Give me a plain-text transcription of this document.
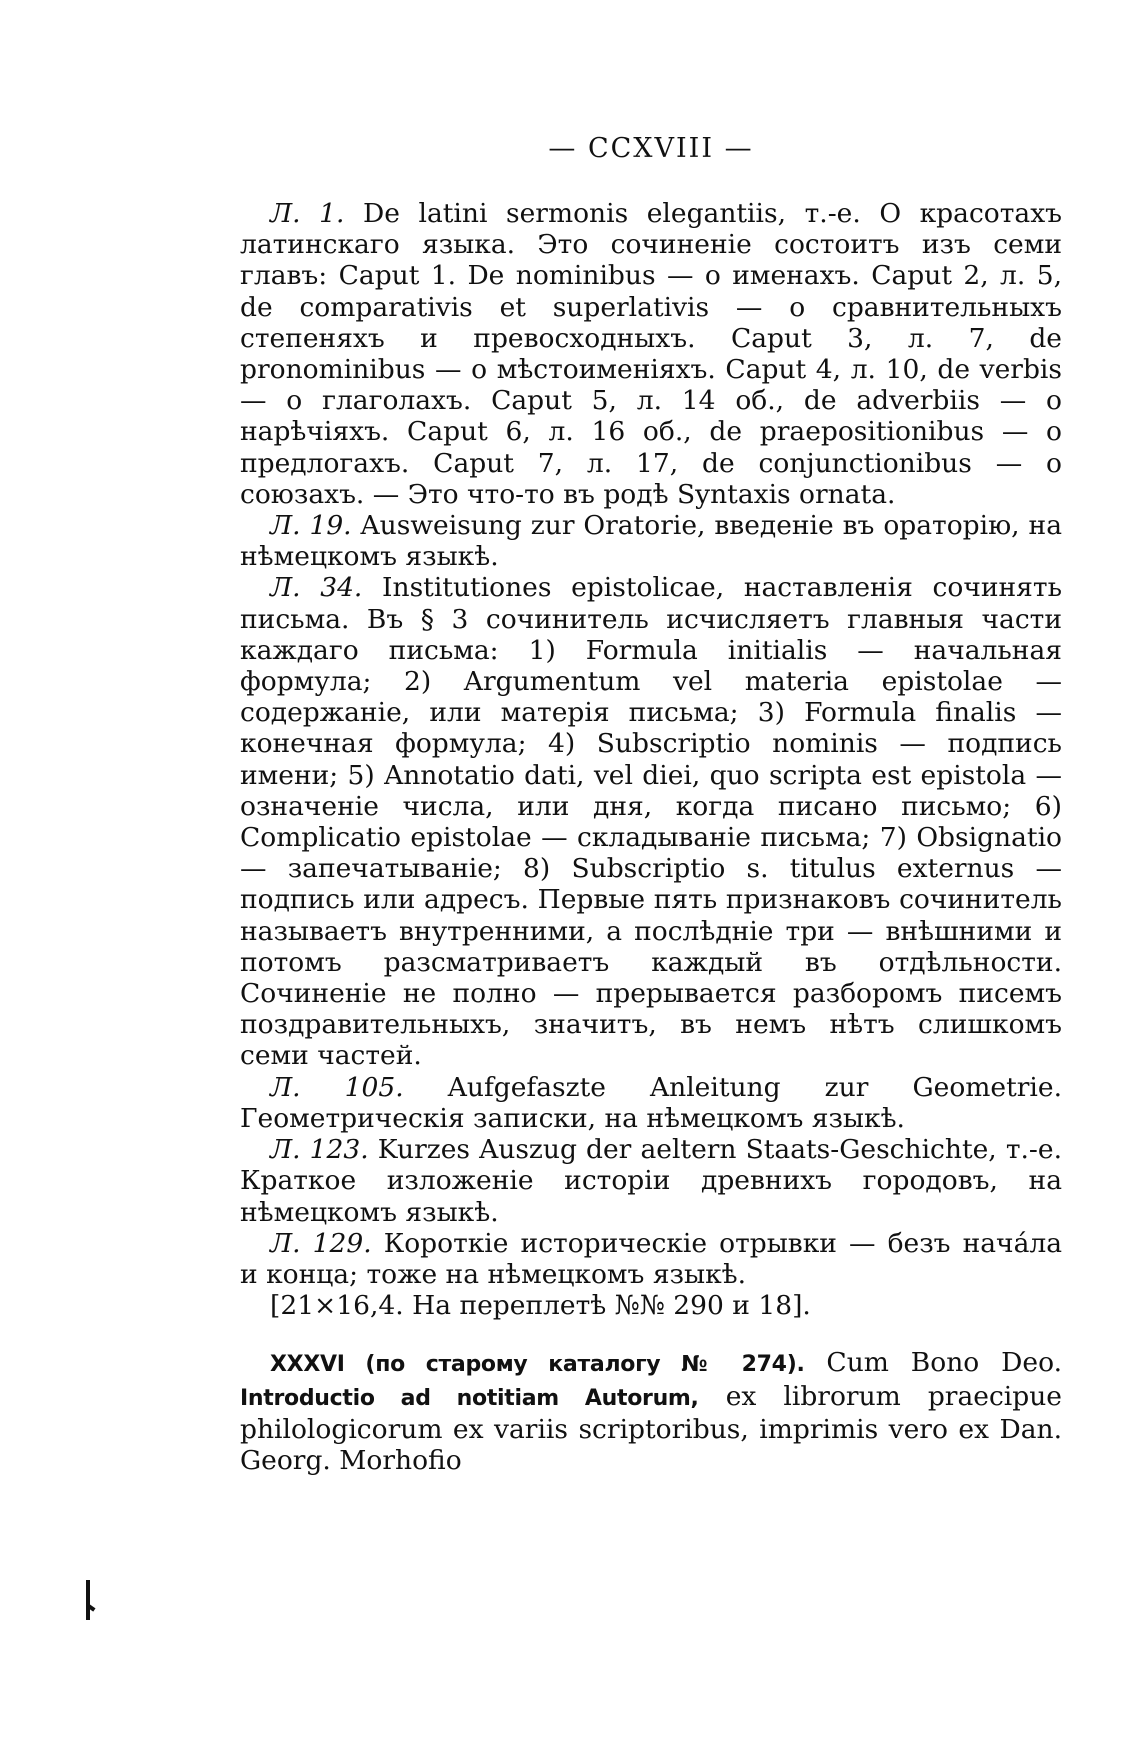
— CCXVIII —

Л. 1. De latini sermonis elegantiis, т.-е. О красотахъ латинскаго языка. Это сочиненіе состоитъ изъ семи главъ: Caput 1. De nominibus — о именахъ. Caput 2, л. 5, de comparativis et superlativis — о сравнительныхъ степеняхъ и превосходныхъ. Caput 3, л. 7, de pronominibus — о мѣстоименіяхъ. Caput 4, л. 10, de verbis — о глаголахъ. Caput 5, л. 14 об., de adverbiis — о нарѣчіяхъ. Caput 6, л. 16 об., de praepositionibus — о предлогахъ. Caput 7, л. 17, de conjunctionibus — о союзахъ. — Это что-то въ родѣ Syntaxis ornata.

Л. 19. Ausweisung zur Oratorie, введеніе въ ораторію, на нѣмецкомъ языкѣ.

Л. 34. Institutiones epistolicae, наставленія сочинять письма. Въ § 3 сочинитель исчисляетъ главныя части каждаго письма: 1) Formula initialis — начальная формула; 2) Argumentum vel materia epistolae — содержаніе, или матерія письма; 3) Formula finalis — конечная формула; 4) Subscriptio nominis — подпись имени; 5) Annotatio dati, vel diei, quo scripta est epistola — означеніе числа, или дня, когда писано письмо; 6) Complicatio epistolae — складываніе письма; 7) Obsignatio — запечатываніе; 8) Subscriptio s. titulus externus — подпись или адресъ. Первые пять признаковъ сочинитель называетъ внутренними, а послѣдніе три — внѣшними и потомъ разсматриваетъ каждый въ отдѣльности. Сочиненіе не полно — прерывается разборомъ писемъ поздравительныхъ, значитъ, въ немъ нѣтъ слишкомъ семи частей.

Л. 105. Aufgefaszte Anleitung zur Geometrie. Геометрическія записки, на нѣмецкомъ языкѣ.

Л. 123. Kurzes Auszug der aeltern Staats-Geschichte, т.-е. Краткое изложеніе исторіи древнихъ городовъ, на нѣмецкомъ языкѣ.

Л. 129. Короткіе историческіе отрывки — безъ начáла и конца; тоже на нѣмецкомъ языкѣ.

[21×16,4. На переплетѣ №№ 290 и 18].

XXXVI (по старому каталогу № 274). Cum Bono Deo. Introductio ad notitiam Autorum, ex librorum praecipue philologicorum ex variis scriptoribus, imprimis vero ex Dan. Georg. Morhofio
